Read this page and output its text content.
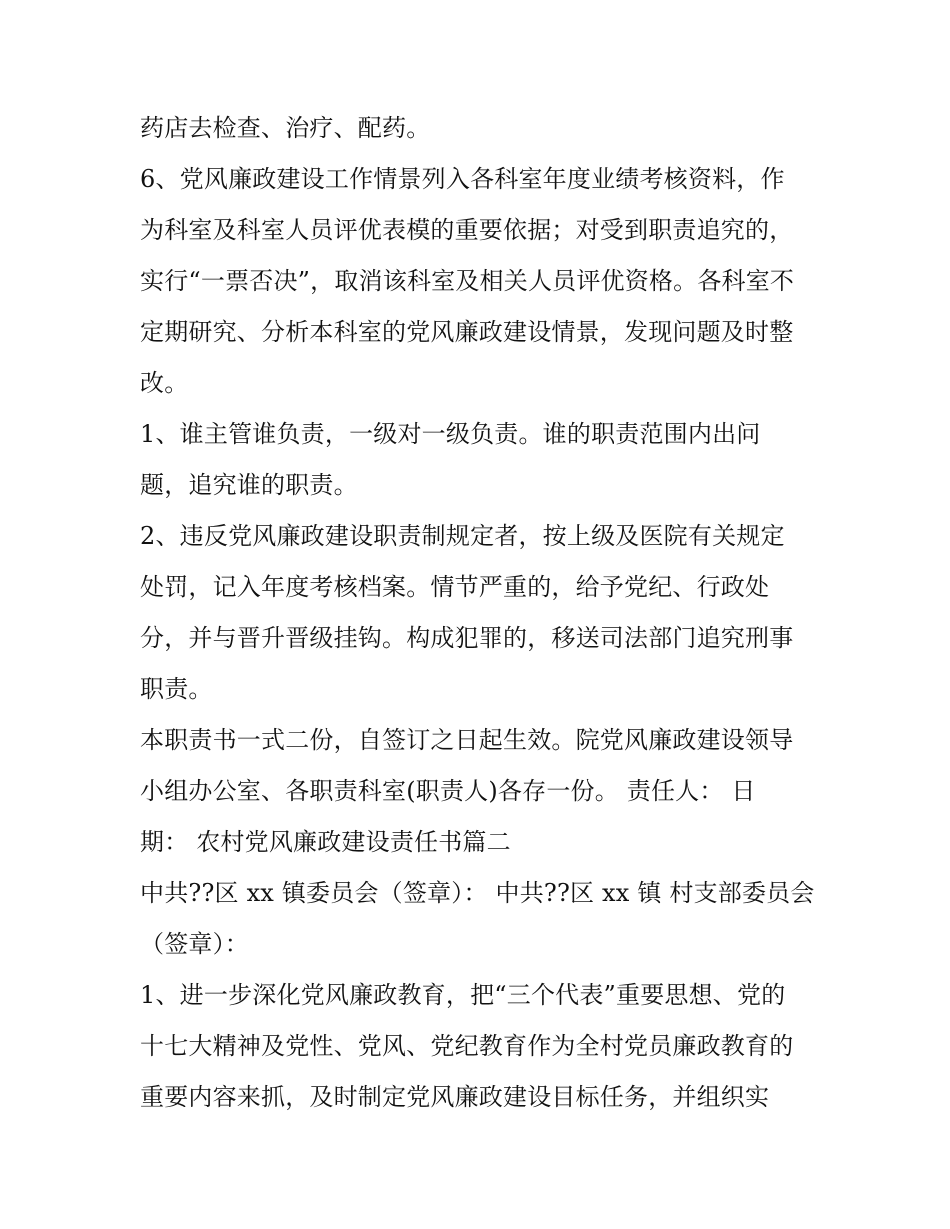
药店去检查、治疗、配药。
6、党风廉政建设工作情景列入各科室年度业绩考核资料，作
为科室及科室人员评优表模的重要依据；对受到职责追究的，
实行“一票否决”，取消该科室及相关人员评优资格。各科室不
定期研究、分析本科室的党风廉政建设情景，发现问题及时整
改。
1、谁主管谁负责，一级对一级负责。谁的职责范围内出问
题，追究谁的职责。
2、违反党风廉政建设职责制规定者，按上级及医院有关规定
处罚，记入年度考核档案。情节严重的，给予党纪、行政处
分，并与晋升晋级挂钩。构成犯罪的，移送司法部门追究刑事
职责。
本职责书一式二份，自签订之日起生效。院党风廉政建设领导
小组办公室、各职责科室(职责人)各存一份。 责任人： 日
期： 农村党风廉政建设责任书篇二
中共??区 xx 镇委员会（签章）： 中共??区 xx 镇 村支部委员会
（签章）：
1、进一步深化党风廉政教育，把“三个代表”重要思想、党的
十七大精神及党性、党风、党纪教育作为全村党员廉政教育的
重要内容来抓，及时制定党风廉政建设目标任务，并组织实
